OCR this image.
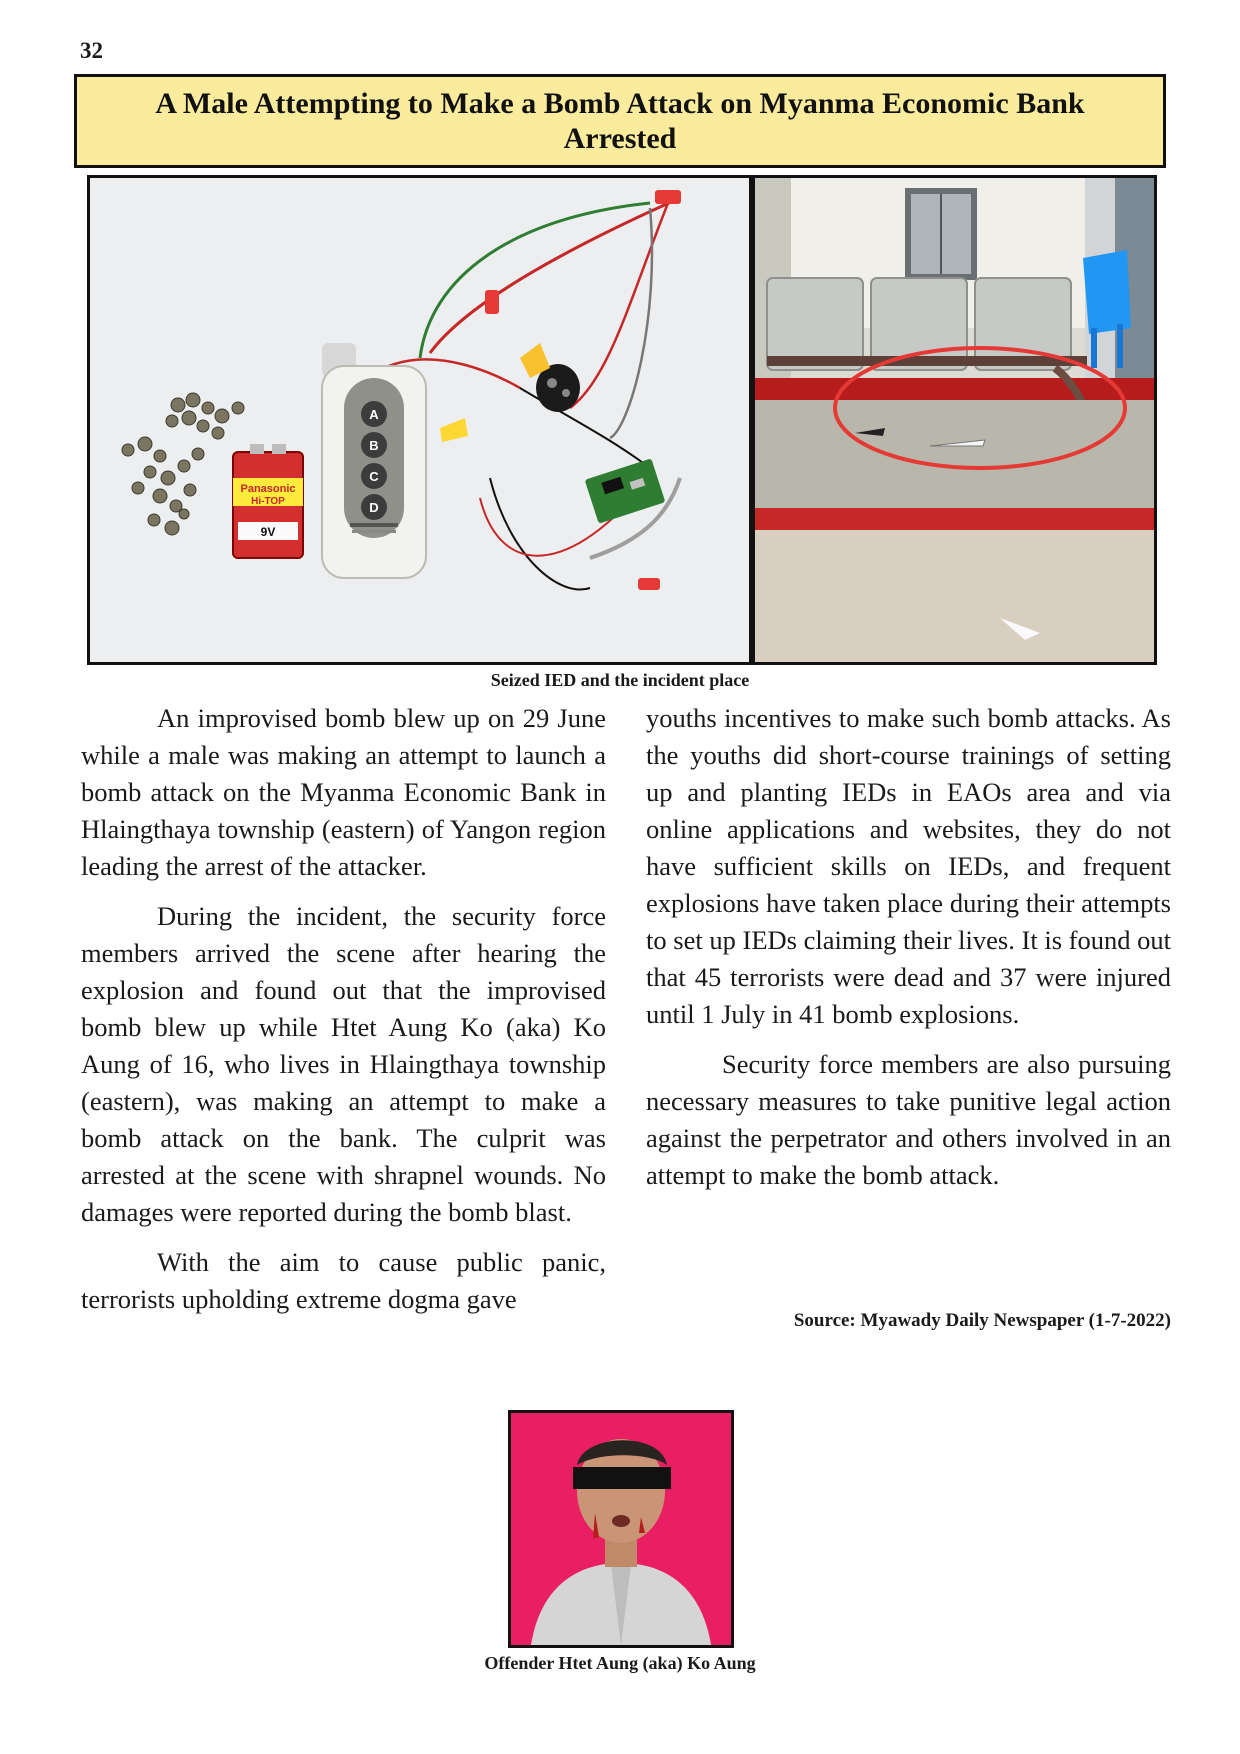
32
A Male Attempting to Make a Bomb Attack on Myanma Economic Bank Arrested
Panasonic
Hi-TOP
9V
A
B
C
D
Seized IED and the incident place

An improvised bomb blew up on 29 June while a male was making an attempt to launch a bomb attack on the Myanma Economic Bank in Hlaingthaya township (eastern) of Yangon region leading the arrest of the attacker.

During the incident, the security force members arrived the scene after hearing the explosion and found out that the improvised bomb blew up while Htet Aung Ko (aka) Ko Aung of 16, who lives in Hlaingthaya township (eastern), was making an attempt to make a bomb attack on the bank. The culprit was arrested at the scene with shrapnel wounds. No damages were reported during the bomb blast.

With the aim to cause public panic, terrorists upholding extreme dogma gave

youths incentives to make such bomb attacks. As the youths did short-course trainings of setting up and planting IEDs in EAOs area and via online applications and websites, they do not have sufficient skills on IEDs, and frequent explosions have taken place during their attempts to set up IEDs claiming their lives. It is found out that 45 terrorists were dead and 37 were injured until 1 July in 41 bomb explosions.

Security force members are also pursuing necessary measures to take punitive legal action against the perpetrator and others involved in an attempt to make the bomb attack.

Source: Myawady Daily Newspaper (1-7-2022)
Offender Htet Aung (aka) Ko Aung
